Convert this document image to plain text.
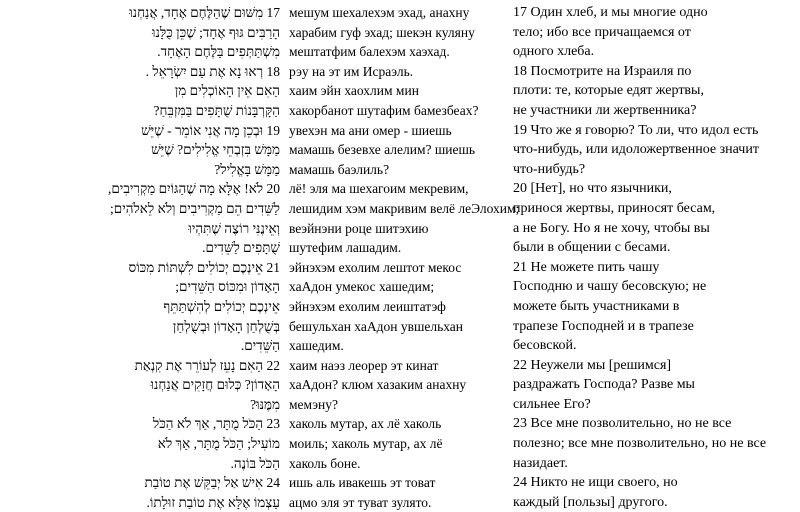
17 מִשּׁוּם שֶׁהַלֶּחֶם אֶחָד, אֲנַחְנוּ
הָרַבִּים גּוּף אֶחָד; שֶׁכֵּן כֻּלָּנוּ
מִשְׁתַּתְּפִים בַּלֶּחֶם הָאֶחָד.
18 רְאוּ נָא אֶת עַם יִשְׂרָאֵל .
הַאִם אֵין הָאוֹכְלִים מִן
הַקָּרְבָּנוֹת שֻׁתָּפִים בַּמִּזְבֵּחַ?
19 וּבְכֵן מָה אֲנִי אוֹמֵר - שֶׁיֵּשׁ
מַמָּשׁ בִּזְבְחֵי אֱלִילִים? שֶׁיֵּשׁ
מַמָּשׁ בָּאֱלִיל?
20 לֹא! אֶלָּא מָה שֶׁהַגּוֹיִם מַקְרִיבִים,
לַשֵּׁדִים הֵם מַקְרִיבִים וְלֹא לֵאלֹהִים;
וְאֵינֶנִּי רוֹצֶה שֶׁתִּהְיוּ
שֻׁתָּפִים לַשֵּׁדִים.
21 אֵינְכֶם יְכוֹלִים לִשְׁתּוֹת מִכּוֹס
הָאָדוֹן וּמִכּוֹס הַשֵּׁדִים;
אֵינְכֶם יְכוֹלִים לְהִשְׁתַּתֵּף
בְּשֻׁלְחַן הָאָדוֹן וּבְשֻׁלְחַן
הַשֵּׁדִים.
22 הַאִם נָעֵז לְעוֹרֵר אֶת קִנְאַת
הָאָדוֹן? כְּלוּם חֲזָקִים אֲנַחְנוּ
מִמֶּנּוּ?
23 הַכֹּל מֻתָּר, אַךְ לֹא הַכֹּל
מוֹעִיל; הַכֹּל מֻתָּר, אַךְ לֹא
הַכֹּל בּוֹנֶה.
24 אִישׁ אַל יְבַקֵּשׁ אֶת טוֹבַת
עַצְמוֹ אֶלָּא אֶת טוֹבַת זוּלָתוֹ.
мешум шехалехэм эхад, анахну
харабим гуф эхад; шекэн куляну
мештатфим балехэм хаэхад.
рэу на эт им Исраэль.
хаим эйн хаохлим мин
хакорбанот шутафим бамезбеах?
увехэн ма ани омер - шиешь
мамашь безевхе алелим? шиешь
мамашь баэлиль?
лё! эля ма шехагоим мекревим,
лешидим хэм макривим велё леЭлохим;
веэйнэни роце шитэхию
шутефим лашадим.
эйнэхэм ехолим лештот мекос
хаАдон умекос хашедим;
эйнэхэм ехолим леиштатэф
бешульхан хаАдон увшельхан
хашедим.
хаим наэз леорер эт кинат
хаАдон? клюм хазаким анахну
мемэну?
хаколь мутар, ах лё хаколь
моиль; хаколь мутар, ах лё
хаколь боне.
ишь аль ивакешь эт товат
ацмо эля эт туват зулято.
17 Один хлеб, и мы многие одно
тело; ибо все причащаемся от
одного хлеба.
18 Посмотрите на Израиля по
плоти: те, которые едят жертвы,
не участники ли жертвенника?
19 Что же я говорю? То ли, что идол есть
что-нибудь, или идоложертвенное значит
что-нибудь?
20 [Нет], но что язычники,
принося жертвы, приносят бесам,
а не Богу. Но я не хочу, чтобы вы
были в общении с бесами.
21 Не можете пить чашу
Господню и чашу бесовскую; не
можете быть участниками в
трапезе Господней и в трапезе
бесовской.
22 Неужели мы [решимся]
раздражать Господа? Разве мы
сильнее Его?
23 Все мне позволительно, но не все
полезно; все мне позволительно, но не все
назидает.
24 Никто не ищи своего, но
каждый [пользы] другого.
